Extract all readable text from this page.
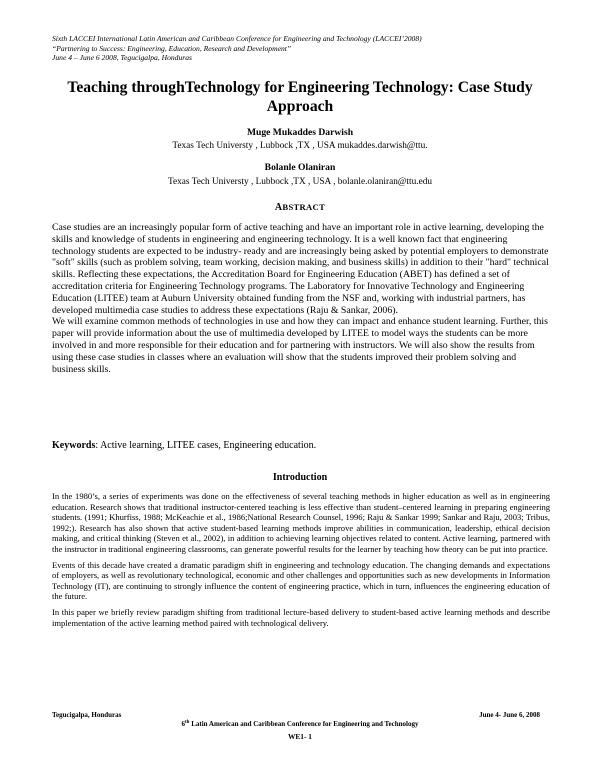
Sixth LACCEI International Latin American and Caribbean Conference for Engineering and Technology (LACCEI’2008)
“Partnering to Success: Engineering, Education, Research and Development”
June 4 – June 6 2008, Tegucigalpa, Honduras
Teaching throughTechnology for Engineering Technology: Case Study Approach
Muge Mukaddes Darwish
Texas Tech Universty , Lubbock ,TX , USA mukaddes.darwish@ttu.
Bolanle Olaniran
Texas Tech Universty , Lubbock ,TX , USA , bolanle.olaniran@ttu.edu
ABSTRACT

Case studies are an increasingly popular form of active teaching and have an important role in active learning, developing the skills and knowledge of students in engineering and engineering technology. It is a well known fact that engineering technology students are expected to be industry- ready and are increasingly being asked by potential employers to demonstrate "soft" skills (such as problem solving, team working, decision making, and business skills) in addition to their "hard" technical skills. Reflecting these expectations, the Accreditation Board for Engineering Education (ABET) has defined a set of accreditation criteria for Engineering Technology programs. The Laboratory for Innovative Technology and Engineering Education (LITEE) team at Auburn University obtained funding from the NSF and, working with industrial partners, has developed multimedia case studies to address these expectations (Raju & Sankar, 2006).

We will examine common methods of technologies in use and how they can impact and enhance student learning. Further, this paper will provide information about the use of multimedia developed by LITEE to model ways the students can be more involved in and more responsible for their education and for partnering with instructors. We will also show the results from using these case studies in classes where an evaluation will show that the students improved their problem solving and business skills.

Keywords: Active learning, LITEE cases, Engineering education.
Introduction

In the 1980’s, a series of experiments was done on the effectiveness of several teaching methods in higher education as well as in engineering education. Research shows that traditional instructor-centered teaching is less effective than student–centered learning in preparing engineering students. (1991; Khurfiss, 1988; McKeachie et al., 1986;National Research Counsel, 1996; Raju & Sankar 1999; Sankar and Raju, 2003; Tribus, 1992;). Research has also shown that active student-based learning methods improve abilities in communication, leadership, ethical decision making, and critical thinking (Steven et al., 2002), in addition to achieving learning objectives related to content. Active learning, partnered with the instructor in traditional engineering classrooms, can generate powerful results for the learner by teaching how theory can be put into practice.

Events of this decade have created a dramatic paradigm shift in engineering and technology education. The changing demands and expectations of employers, as well as revolutionary technological, economic and other challenges and opportunities such as new developments in Information Technology (IT), are continuing to strongly influence the content of engineering practice, which in turn, influences the engineering education of the future.

In this paper we briefly review paradigm shifting from traditional lecture-based delivery to student-based active learning methods and describe implementation of the active learning method paired with technological delivery.

Tegucigalpa, Honduras	June 4- June 6, 2008
6th Latin American and Caribbean Conference for Engineering and Technology
WE1- 1
